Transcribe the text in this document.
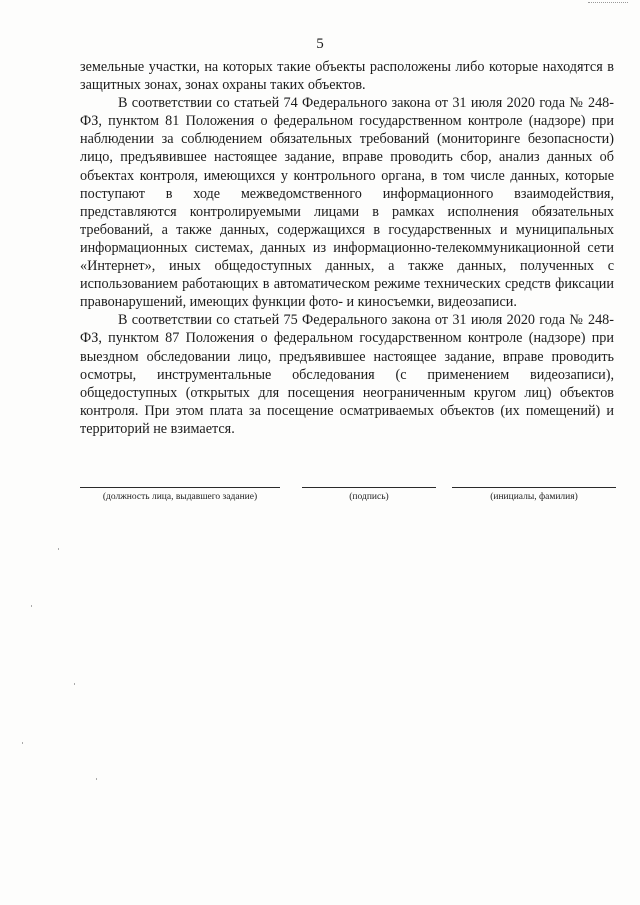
5

земельные участки, на которых такие объекты расположены либо которые находятся в защитных зонах, зонах охраны таких объектов.

В соответствии со статьей 74 Федерального закона от 31 июля 2020 года № 248-ФЗ, пунктом 81 Положения о федеральном государственном контроле (надзоре) при наблюдении за соблюдением обязательных требований (мониторинге безопасности) лицо, предъявившее настоящее задание, вправе проводить сбор, анализ данных об объектах контроля, имеющихся у контрольного органа, в том числе данных, которые поступают в ходе межведомственного информационного взаимодействия, представляются контролируемыми лицами в рамках исполнения обязательных требований, а также данных, содержащихся в государственных и муниципальных информационных системах, данных из информационно-телекоммуникационной сети «Интернет», иных общедоступных данных, а также данных, полученных с использованием работающих в автоматическом режиме технических средств фиксации правонарушений, имеющих функции фото- и киносъемки, видеозаписи.

В соответствии со статьей 75 Федерального закона от 31 июля 2020 года № 248-ФЗ, пунктом 87 Положения о федеральном государственном контроле (надзоре) при выездном обследовании лицо, предъявившее настоящее задание, вправе проводить осмотры, инструментальные обследования (с применением видеозаписи), общедоступных (открытых для посещения неограниченным кругом лиц) объектов контроля. При этом плата за посещение осматриваемых объектов (их помещений) и территорий не взимается.

(должность лица, выдавшего задание)	(подпись)	(инициалы, фамилия)
